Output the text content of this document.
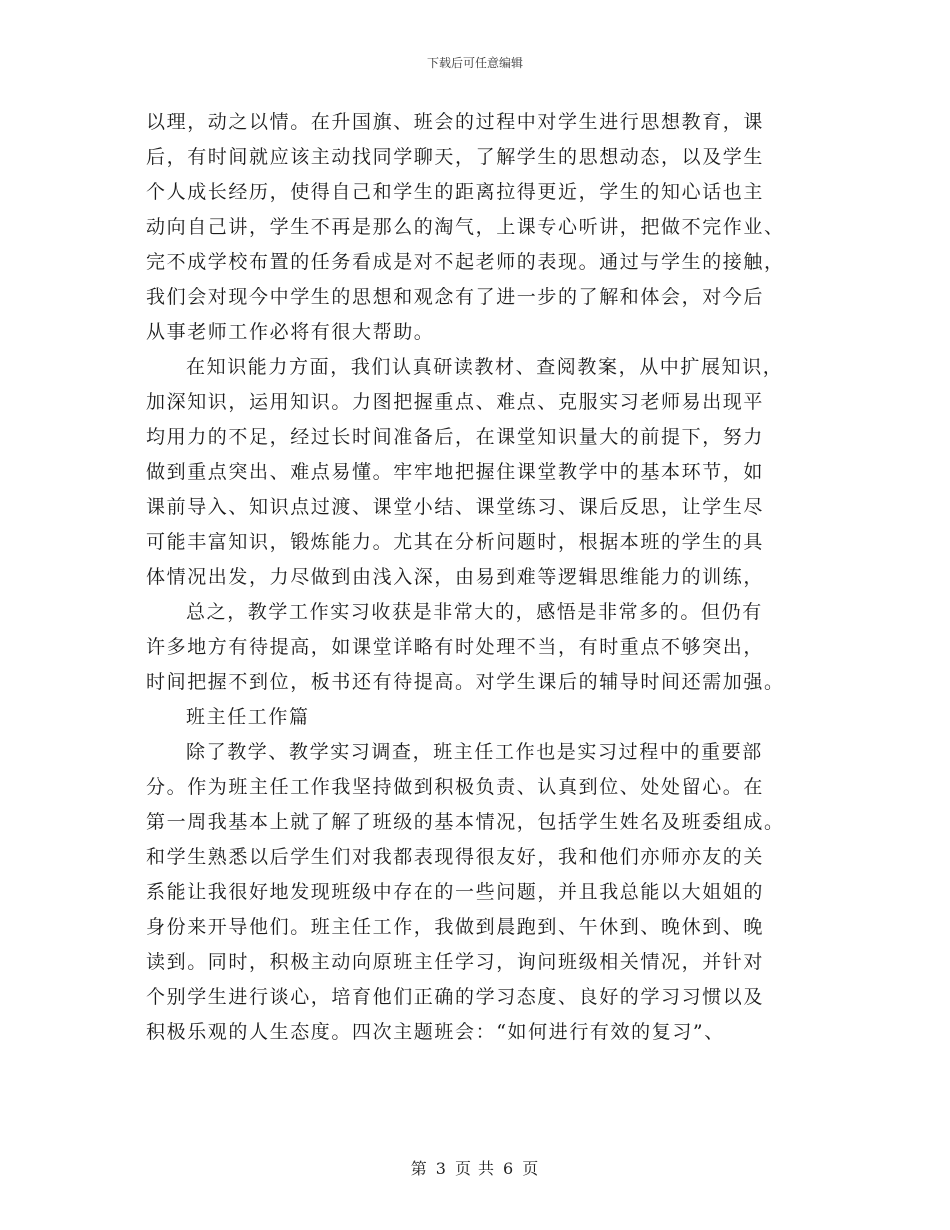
下载后可任意编辑
以理，动之以情。在升国旗、班会的过程中对学生进行思想教育，课
后，有时间就应该主动找同学聊天，了解学生的思想动态，以及学生
个人成长经历，使得自己和学生的距离拉得更近，学生的知心话也主
动向自己讲，学生不再是那么的淘气，上课专心听讲，把做不完作业、
完不成学校布置的任务看成是对不起老师的表现。通过与学生的接触，
我们会对现今中学生的思想和观念有了进一步的了解和体会，对今后
从事老师工作必将有很大帮助。
在知识能力方面，我们认真研读教材、查阅教案，从中扩展知识，
加深知识，运用知识。力图把握重点、难点、克服实习老师易出现平
均用力的不足，经过长时间准备后，在课堂知识量大的前提下，努力
做到重点突出、难点易懂。牢牢地把握住课堂教学中的基本环节，如
课前导入、知识点过渡、课堂小结、课堂练习、课后反思，让学生尽
可能丰富知识，锻炼能力。尤其在分析问题时，根据本班的学生的具
体情况出发，力尽做到由浅入深，由易到难等逻辑思维能力的训练，
总之，教学工作实习收获是非常大的，感悟是非常多的。但仍有
许多地方有待提高，如课堂详略有时处理不当，有时重点不够突出，
时间把握不到位，板书还有待提高。对学生课后的辅导时间还需加强。
班主任工作篇
除了教学、教学实习调查，班主任工作也是实习过程中的重要部
分。作为班主任工作我坚持做到积极负责、认真到位、处处留心。在
第一周我基本上就了解了班级的基本情况，包括学生姓名及班委组成。
和学生熟悉以后学生们对我都表现得很友好，我和他们亦师亦友的关
系能让我很好地发现班级中存在的一些问题，并且我总能以大姐姐的
身份来开导他们。班主任工作，我做到晨跑到、午休到、晚休到、晚
读到。同时，积极主动向原班主任学习，询问班级相关情况，并针对
个别学生进行谈心，培育他们正确的学习态度、良好的学习习惯以及
积极乐观的人生态度。四次主题班会：“如何进行有效的复习”、
第 3 页 共 6 页
